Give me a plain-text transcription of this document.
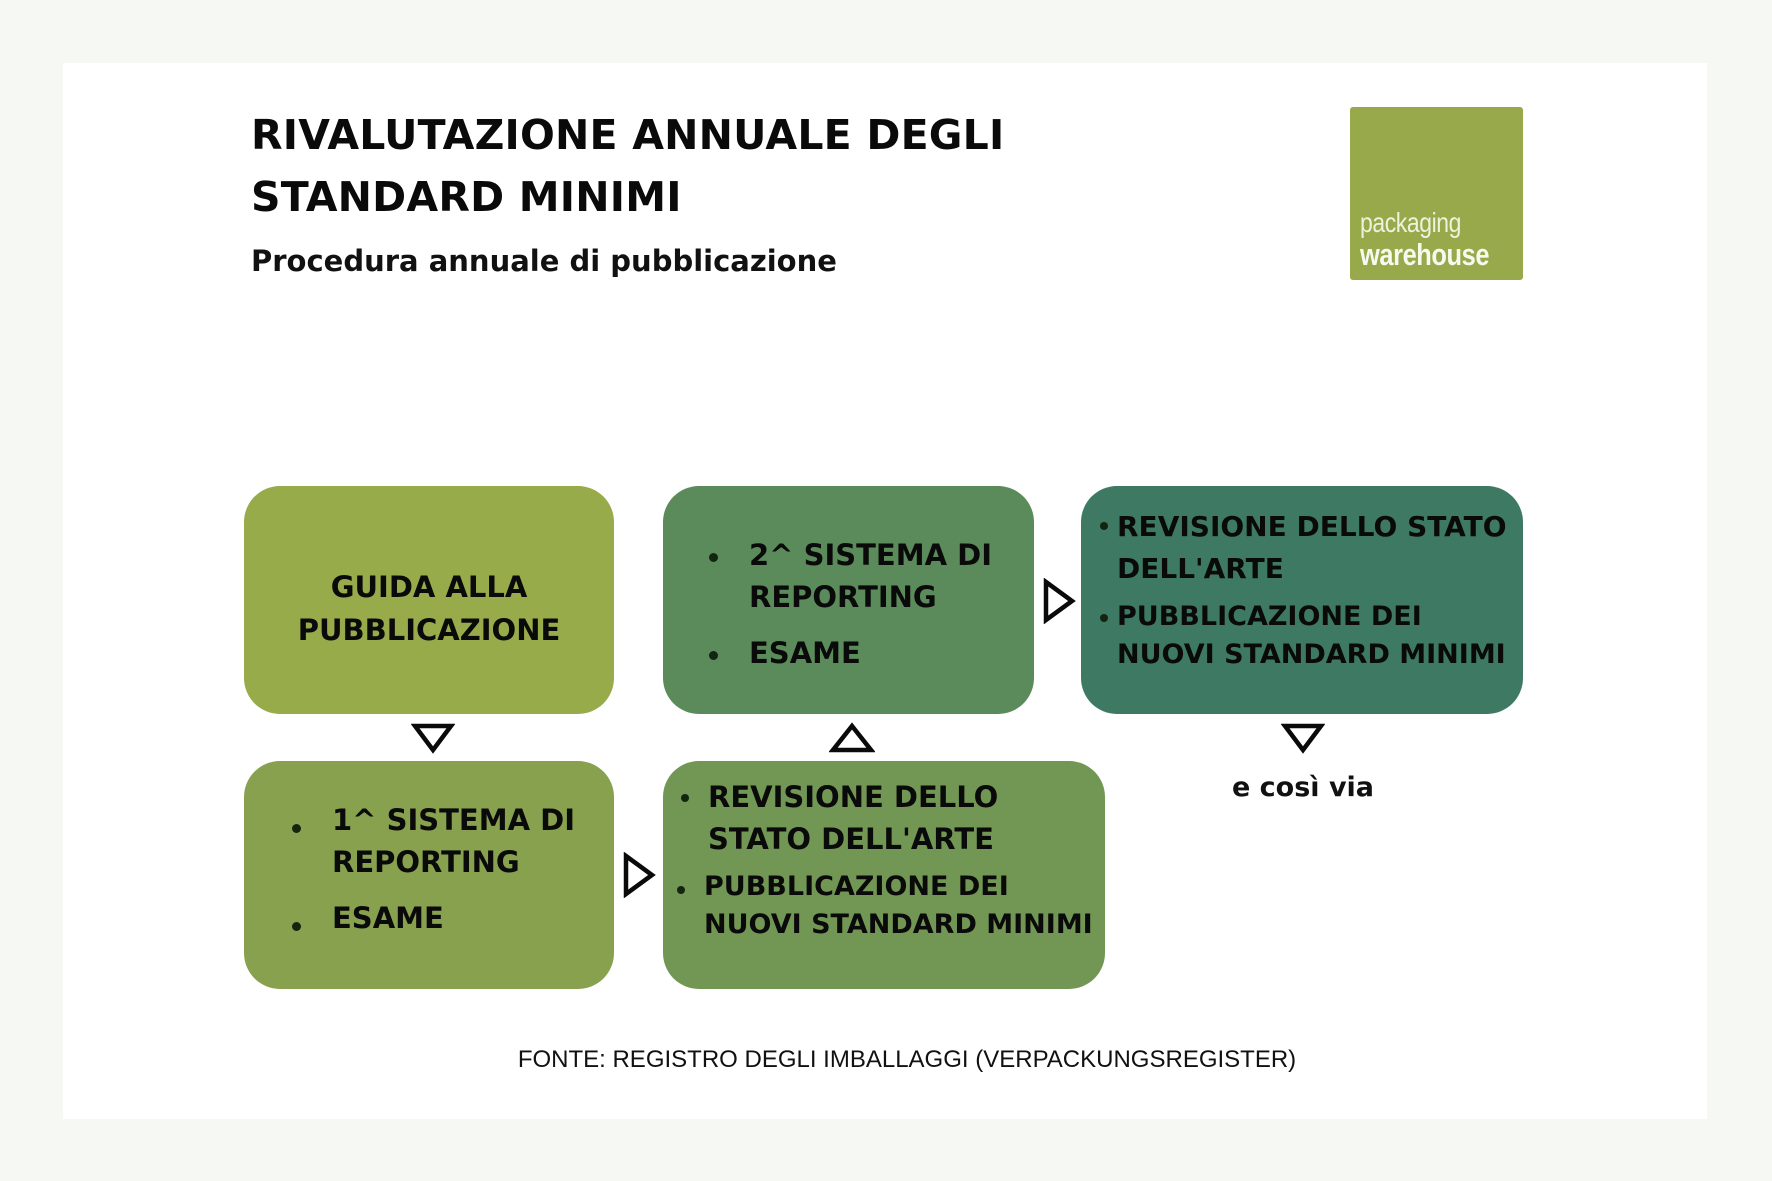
RIVALUTAZIONE ANNUALE DEGLI
STANDARD MINIMI
Procedura annuale di pubblicazione
packaging
warehouse
GUIDA ALLA
PUBBLICAZIONE
2^ SISTEMA DI REPORTING
ESAME
REVISIONE DELLO STATO DELL'ARTE
PUBBLICAZIONE DEI NUOVI STANDARD MINIMI
1^ SISTEMA DI REPORTING
ESAME
REVISIONE DELLO STATO DELL'ARTE
PUBBLICAZIONE DEI NUOVI STANDARD MINIMI
e così via
FONTE: REGISTRO DEGLI IMBALLAGGI (VERPACKUNGSREGISTER)
